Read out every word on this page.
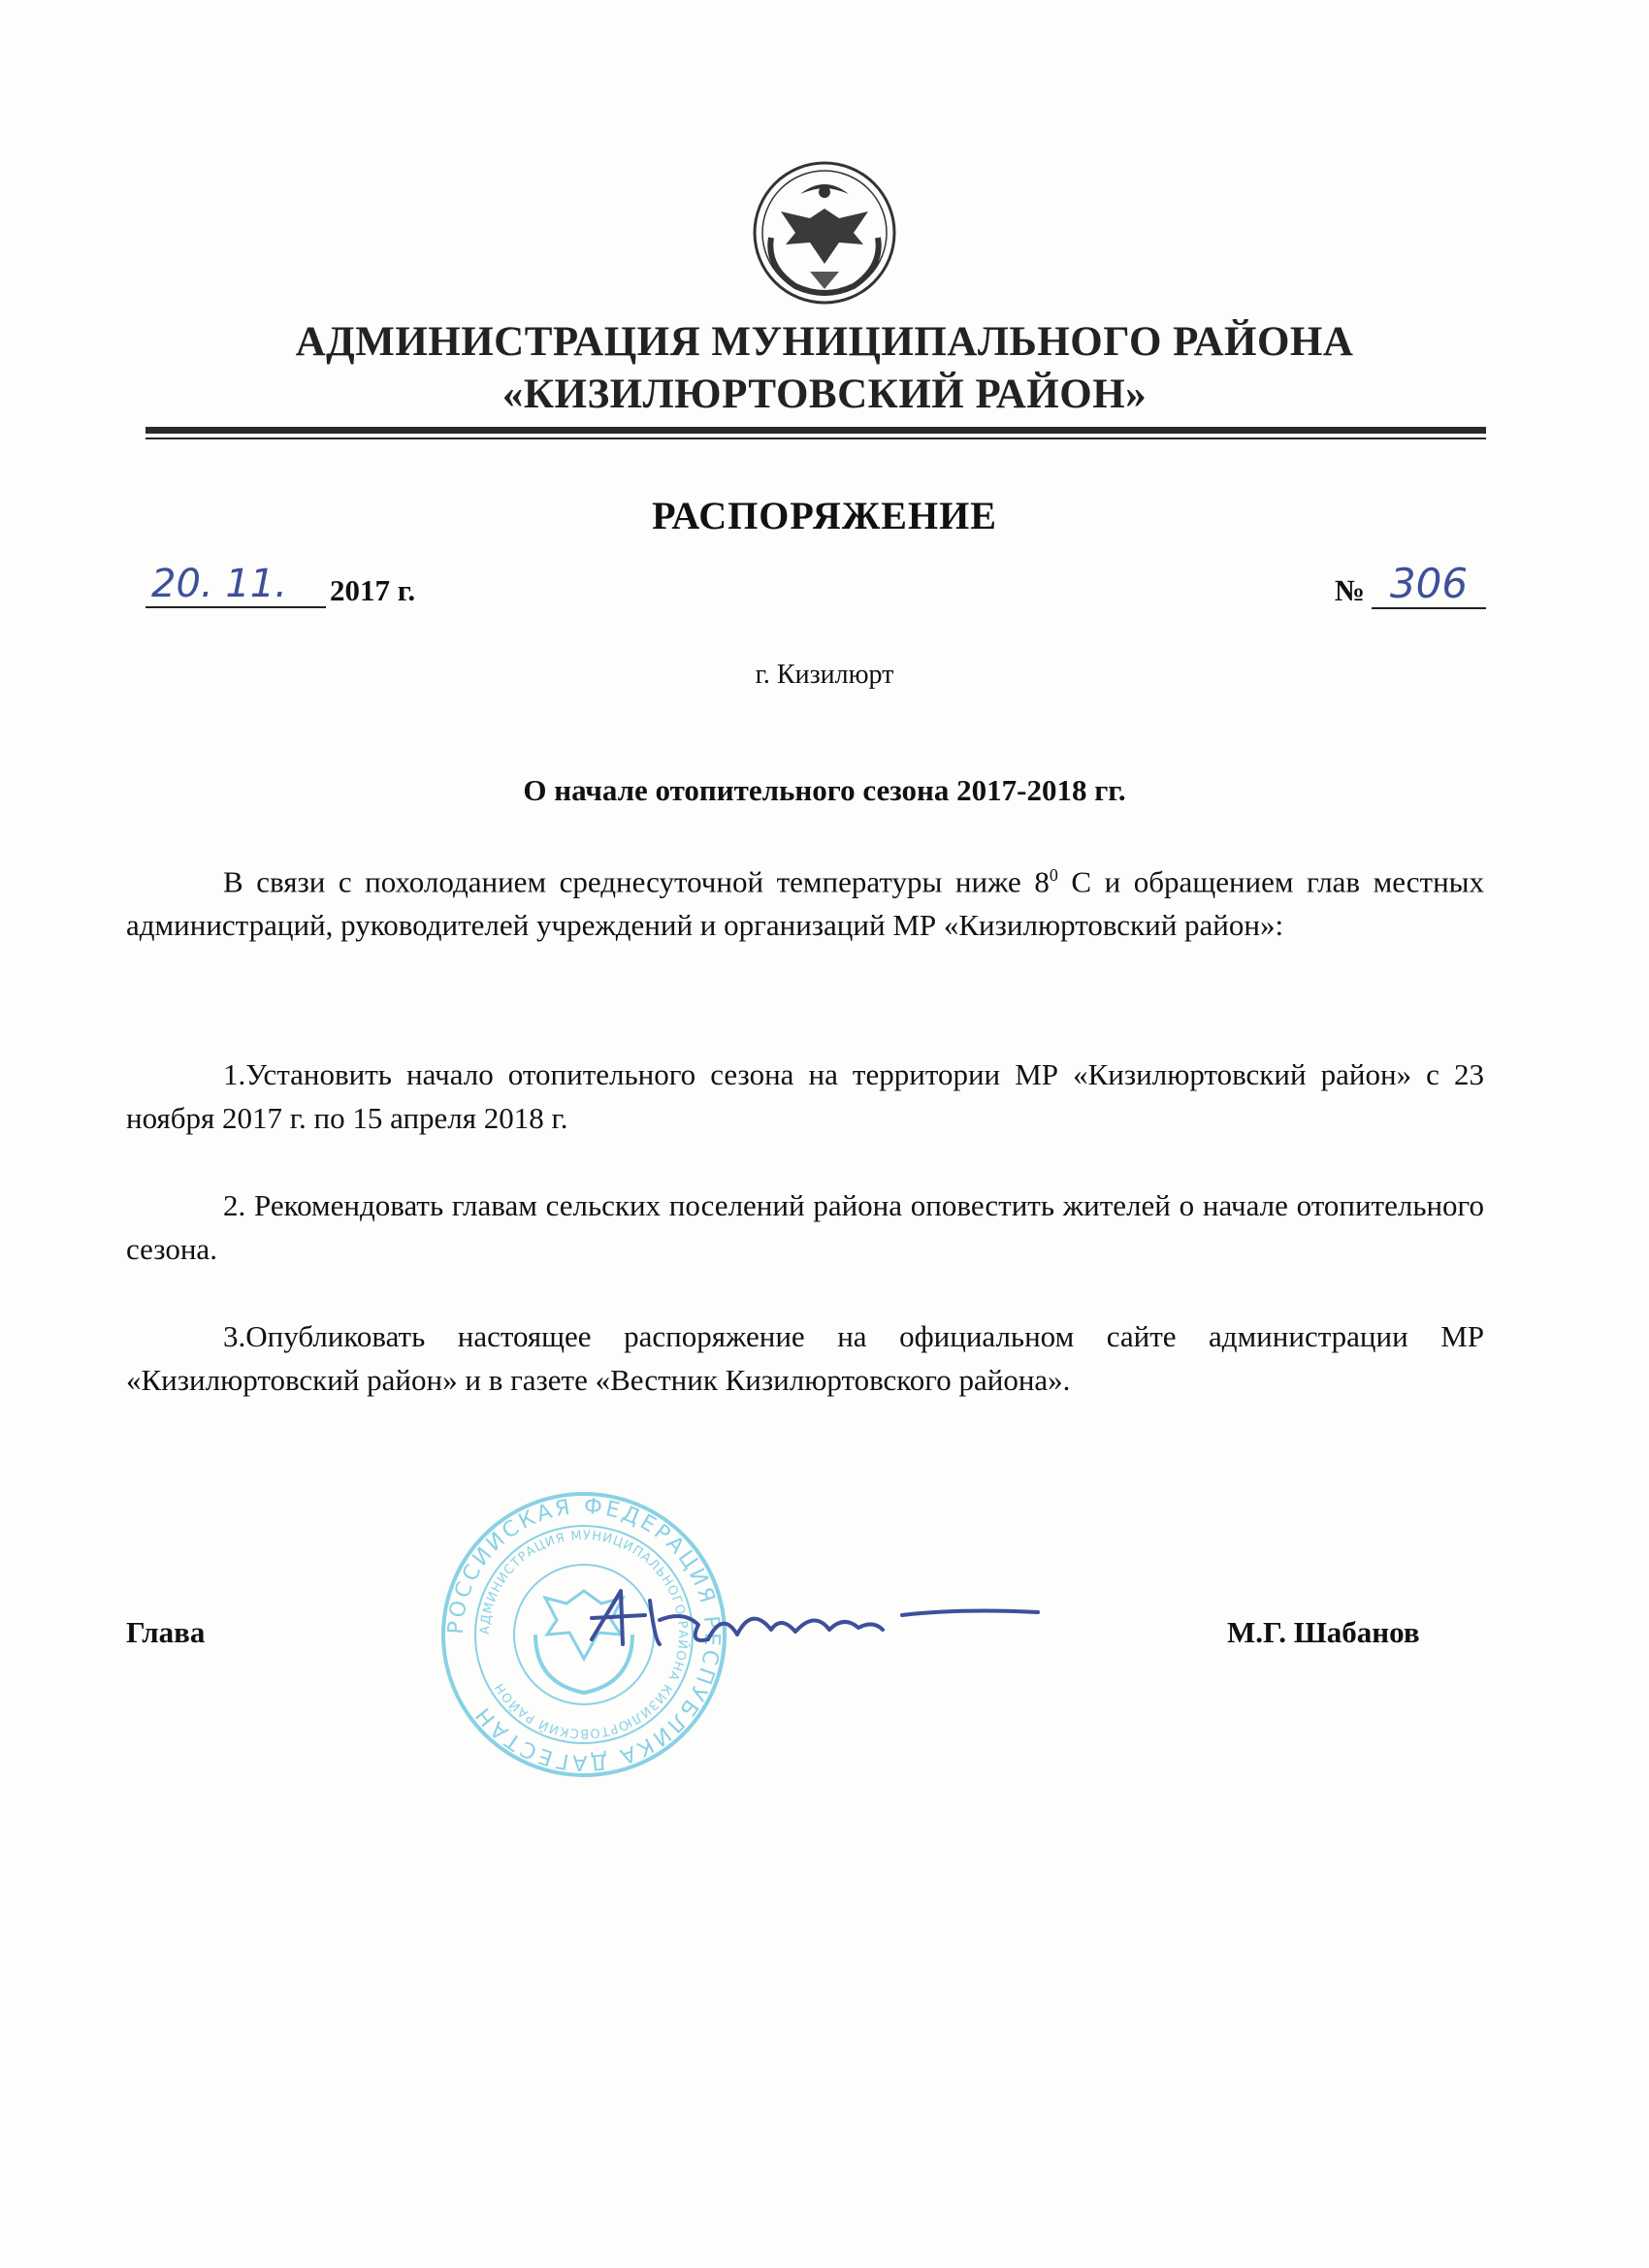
АДМИНИСТРАЦИЯ МУНИЦИПАЛЬНОГО РАЙОНА
«КИЗИЛЮРТОВСКИЙ РАЙОН»
РАСПОРЯЖЕНИЕ
20. 11.	2017 г.	№ 306
г. Кизилюрт
О начале отопительного сезона 2017-2018 гг.

В связи с похолоданием среднесуточной температуры ниже $8^0$ С и обращением глав местных администраций, руководителей учреждений и организаций МР «Кизилюртовский район»:

1.Установить начало отопительного сезона на территории МР «Кизилюртовский район» с 23 ноября 2017 г. по 15 апреля 2018 г.

2. Рекомендовать главам сельских поселений района оповестить жителей о начале отопительного сезона.

3.Опубликовать настоящее распоряжение на официальном сайте администрации МР «Кизилюртовский район» и в газете «Вестник Кизилюртовского района».

РОССИЙСКАЯ ФЕДЕРАЦИЯ РЕСПУБЛИКА ДАГЕСТАН
АДМИНИСТРАЦИЯ МУНИЦИПАЛЬНОГО РАЙОНА КИЗИЛЮРТОВСКИЙ РАЙОН
Глава	М.Г. Шабанов
